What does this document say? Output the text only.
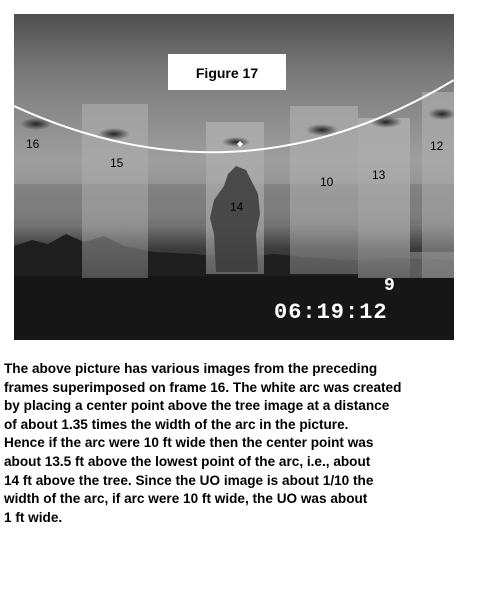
Figure 17
16
15
14
10	13
12
9
06:19:12
The above picture has various images from the preceding
frames superimposed on frame 16. The white arc was created
by placing a center point above the tree image at a distance
of about 1.35 times the width of the arc in the picture.
Hence if the arc were 10 ft wide then the center point was
about 13.5 ft above the lowest point of the arc, i.e., about
14 ft above the tree. Since the UO image is about 1/10 the
width of the arc, if arc were 10 ft wide, the UO was about
1 ft wide.
